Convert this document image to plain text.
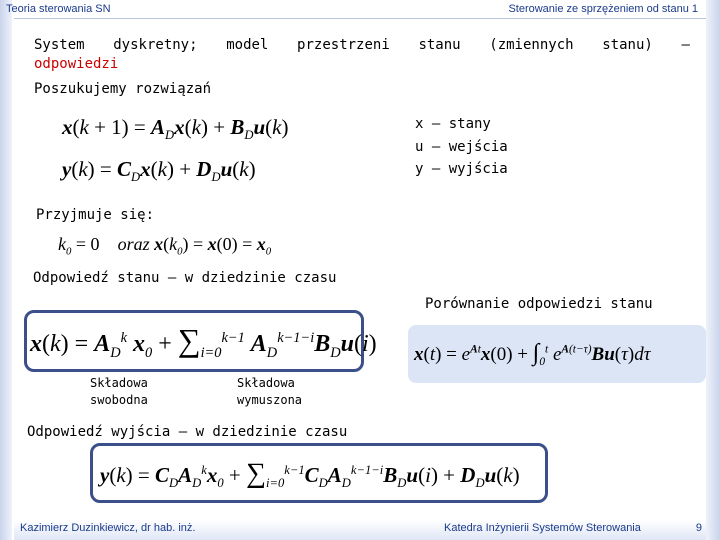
Teoria sterowania SN	Sterowanie ze sprzężeniem od stanu 1
System dyskretny; model przestrzeni stanu (zmiennych stanu) –
odpowiedzi
Poszukujemy rozwiązań
$x(k + 1) = A_Dx(k) + B_Du(k)$
$y(k) = C_Dx(k) + D_Du(k)$
x – stany
u – wejścia
y – wyjścia
Przyjmuje się:
$k_0 = 0$    oraz $x(k_0) = x(0) = x_0$
Odpowiedź stanu – w dziedzinie czasu
Porównanie odpowiedzi stanu
$x(k) = A_D^k$ $x_0 + \sum_{i=0}^{k-1}$ $A_D^{k-1-i}B_Du(i) x(t) = e^{At}x(0) + \int_0^t$ $e^{A(t-\tau)}Bu(\tau)d\tau$
Składowa
swobodna
Składowa
wymuszona
Odpowiedź wyjścia – w dziedzinie czasu
$y(k) = C_DA_D^kx_0 + \sum_{i=0}^{k-1}C_DA_D^{k-1-i}B_Du(i) + D_Du(k)$
Kazimierz Duzinkiewicz, dr hab. inż.	Katedra Inżynierii Systemów Sterowania	9
